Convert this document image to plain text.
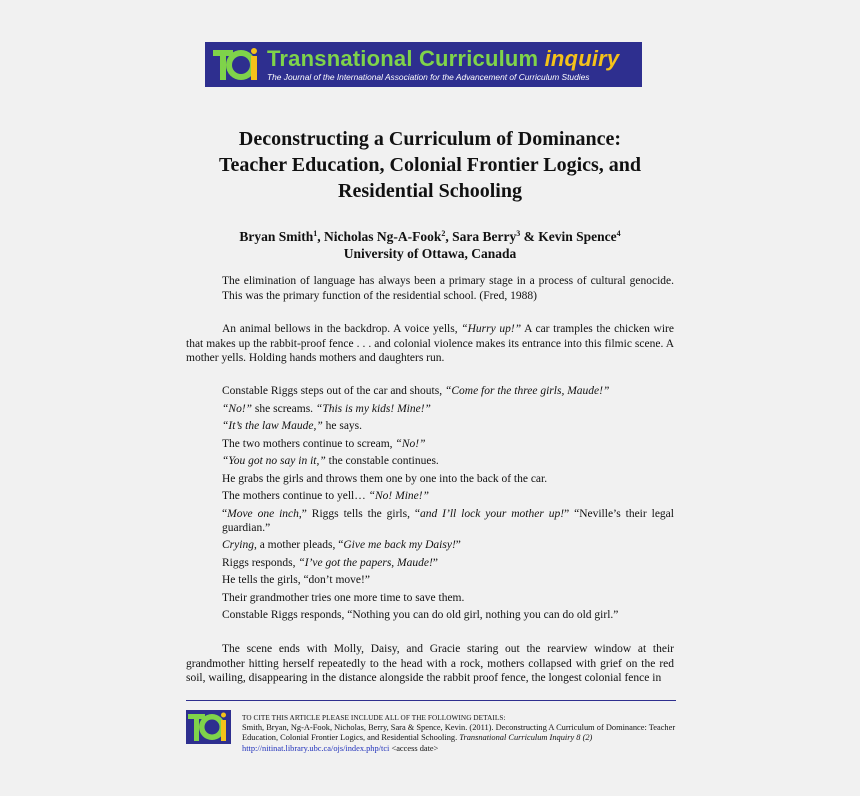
Transnational Curriculum inquiry
The Journal of the International Association for the Advancement of Curriculum Studies
Deconstructing a Curriculum of Dominance:
Teacher Education, Colonial Frontier Logics, and
Residential Schooling
Bryan Smith$^1$, Nicholas Ng-A-Fook$^2$, Sara Berry$^3$ & Kevin Spence$^4$
University of Ottawa, Canada
The elimination of language has always been a primary stage in a process of cultural genocide. This was the primary function of the residential school. (Fred, 1988)
An animal bellows in the backdrop. A voice yells, “Hurry up!” A car tramples the chicken wire that makes up the rabbit-proof fence . . . and colonial violence makes its entrance into this filmic scene. A mother yells. Holding hands mothers and daughters run.
Constable Riggs steps out of the car and shouts, “Come for the three girls, Maude!”
“No!” she screams. “This is my kids! Mine!”
“It’s the law Maude,” he says.
The two mothers continue to scream, “No!”
“You got no say in it,” the constable continues.
He grabs the girls and throws them one by one into the back of the car.
The mothers continue to yell… “No! Mine!”
“Move one inch,” Riggs tells the girls, “and I’ll lock your mother up!” “Neville’s their legal guardian.”
Crying, a mother pleads, “Give me back my Daisy!”
Riggs responds, “I’ve got the papers, Maude!”
He tells the girls, “don’t move!”
Their grandmother tries one more time to save them.
Constable Riggs responds, “Nothing you can do old girl, nothing you can do old girl.”
The scene ends with Molly, Daisy, and Gracie staring out the rearview window at their grandmother hitting herself repeatedly to the head with a rock, mothers collapsed with grief on the red soil, wailing, disappearing in the distance alongside the rabbit proof fence, the longest colonial fence in
TO CITE THIS ARTICLE PLEASE INCLUDE ALL OF THE FOLLOWING DETAILS:
Smith, Bryan, Ng-A-Fook, Nicholas, Berry, Sara & Spence, Kevin. (2011). Deconstructing A Curriculum of Dominance: Teacher Education, Colonial Frontier Logics, and Residential Schooling. Transnational Curriculum Inquiry 8 (2)
http://nitinat.library.ubc.ca/ojs/index.php/tci <access date>
